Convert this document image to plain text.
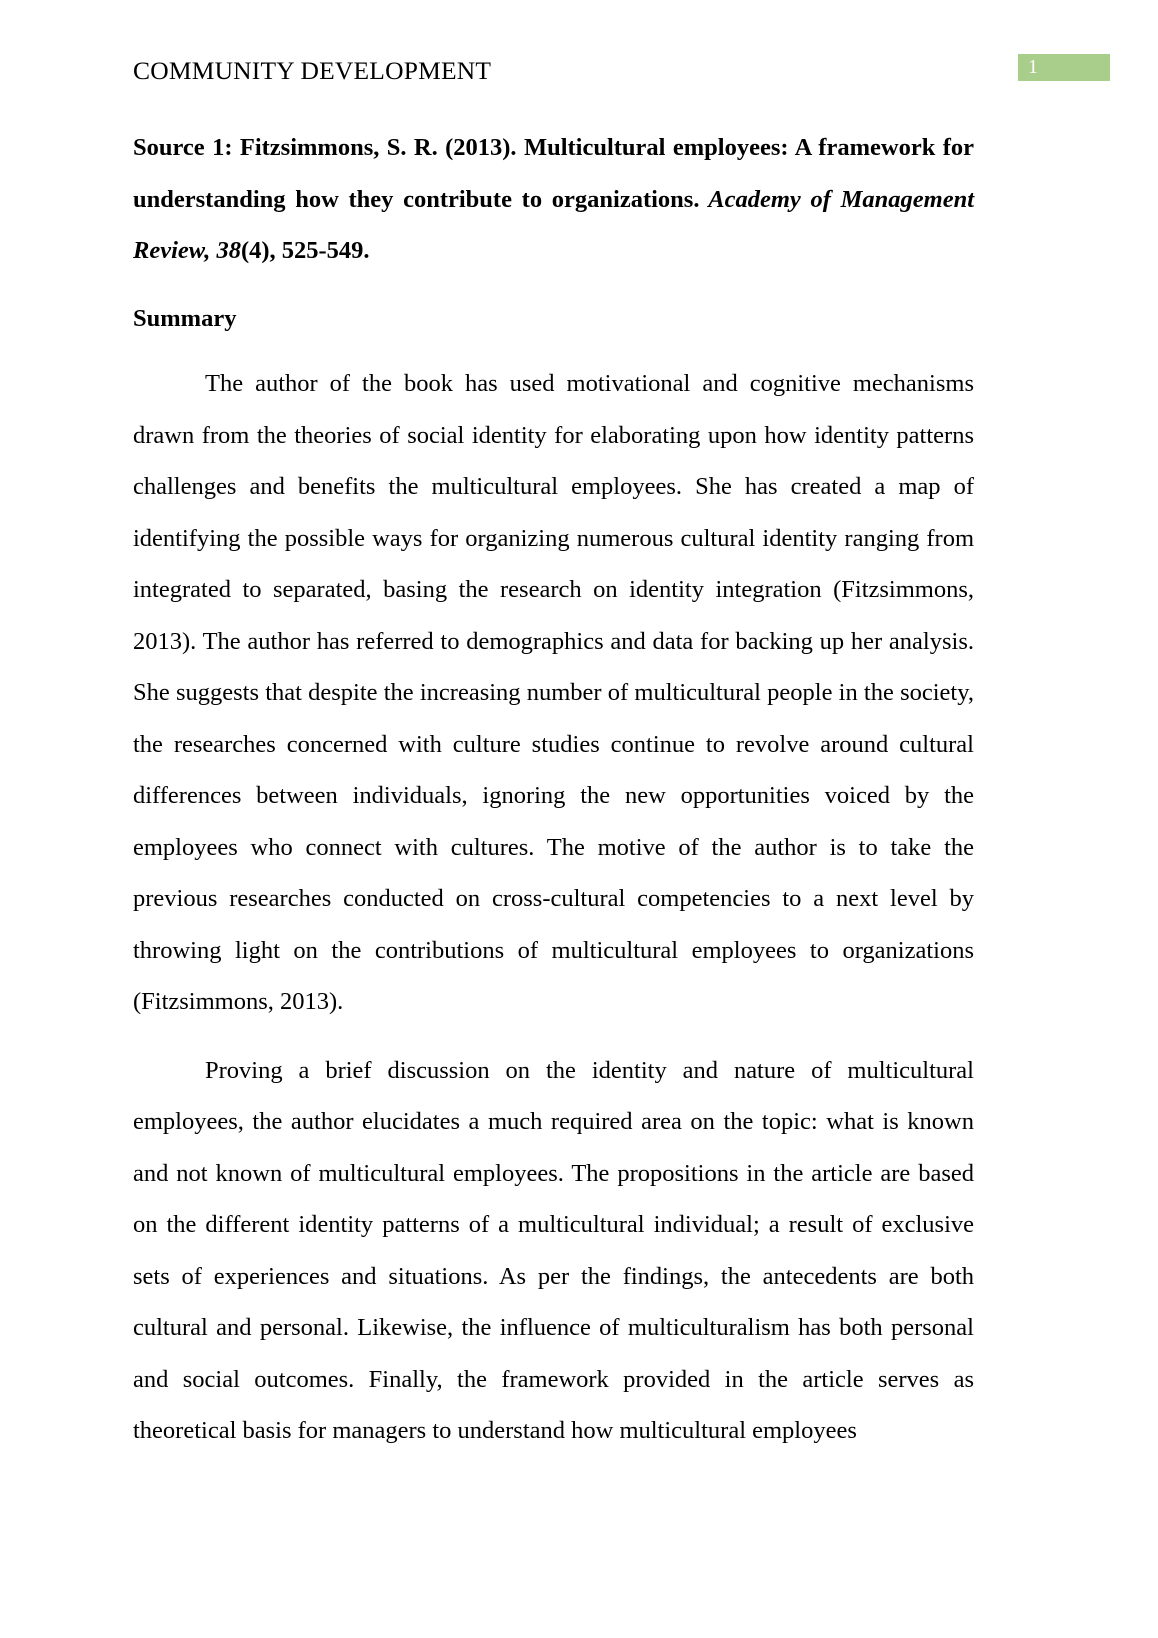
COMMUNITY DEVELOPMENT	1

Source 1: Fitzsimmons, S. R. (2013). Multicultural employees: A framework for understanding how they contribute to organizations. Academy of Management Review, 38(4), 525-549.

Summary

The author of the book has used motivational and cognitive mechanisms drawn from the theories of social identity for elaborating upon how identity patterns challenges and benefits the multicultural employees. She has created a map of identifying the possible ways for organizing numerous cultural identity ranging from integrated to separated, basing the research on identity integration (Fitzsimmons, 2013). The author has referred to demographics and data for backing up her analysis. She suggests that despite the increasing number of multicultural people in the society, the researches concerned with culture studies continue to revolve around cultural differences between individuals, ignoring the new opportunities voiced by the employees who connect with cultures. The motive of the author is to take the previous researches conducted on cross-cultural competencies to a next level by throwing light on the contributions of multicultural employees to organizations (Fitzsimmons, 2013).

Proving a brief discussion on the identity and nature of multicultural employees, the author elucidates a much required area on the topic: what is known and not known of multicultural employees. The propositions in the article are based on the different identity patterns of a multicultural individual; a result of exclusive sets of experiences and situations. As per the findings, the antecedents are both cultural and personal. Likewise, the influence of multiculturalism has both personal and social outcomes. Finally, the framework provided in the article serves as theoretical basis for managers to understand how multicultural employees
